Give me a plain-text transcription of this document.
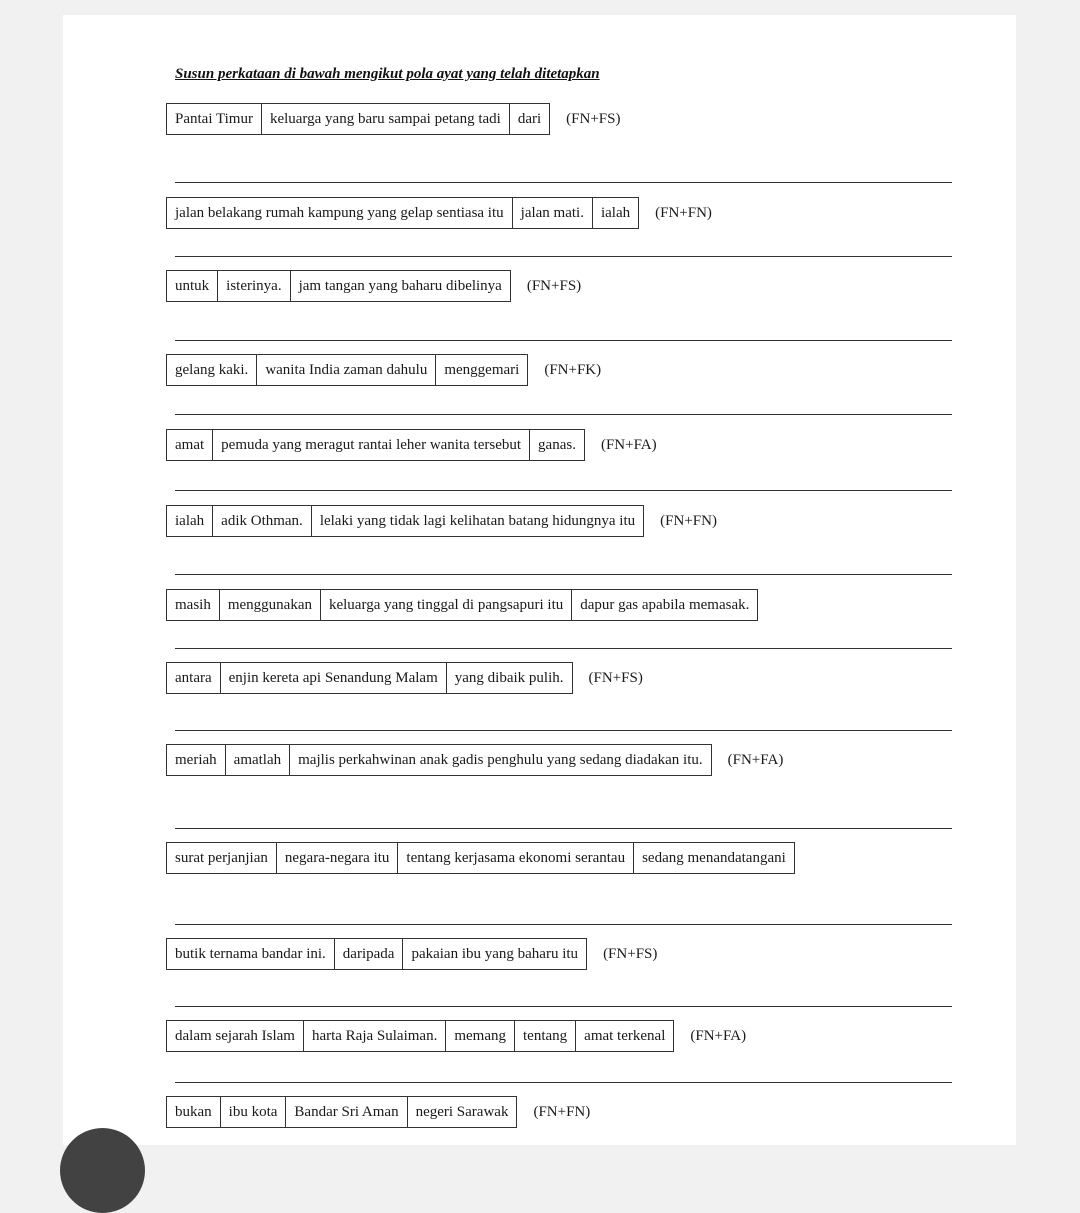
Susun perkataan di bawah mengikut pola ayat yang telah ditetapkan
Pantai Timur	keluarga yang baru sampai petang tadi	dari	(FN+FS)
jalan belakang rumah kampung yang gelap sentiasa itu	jalan mati.	ialah	(FN+FN)
untuk	isterinya.	jam tangan yang baharu dibelinya	(FN+FS)
gelang kaki.	wanita India zaman dahulu	menggemari	(FN+FK)
amat	pemuda yang meragut rantai leher wanita tersebut	ganas.	(FN+FA)
ialah	adik Othman.	lelaki yang tidak lagi kelihatan batang hidungnya itu	(FN+FN)
masih	menggunakan	keluarga yang tinggal di pangsapuri itu	dapur gas apabila memasak.
antara	enjin kereta api Senandung Malam	yang dibaik pulih.	(FN+FS)
meriah	amatlah	majlis perkahwinan anak gadis penghulu yang sedang diadakan itu.	(FN+FA)
surat perjanjian	negara-negara itu	tentang kerjasama ekonomi serantau	sedang menandatangani
butik ternama bandar ini.	daripada	pakaian ibu yang baharu itu	(FN+FS)
dalam sejarah Islam	harta Raja Sulaiman.	memang	tentang	amat terkenal	(FN+FA)
bukan	ibu kota	Bandar Sri Aman	negeri Sarawak	(FN+FN)
